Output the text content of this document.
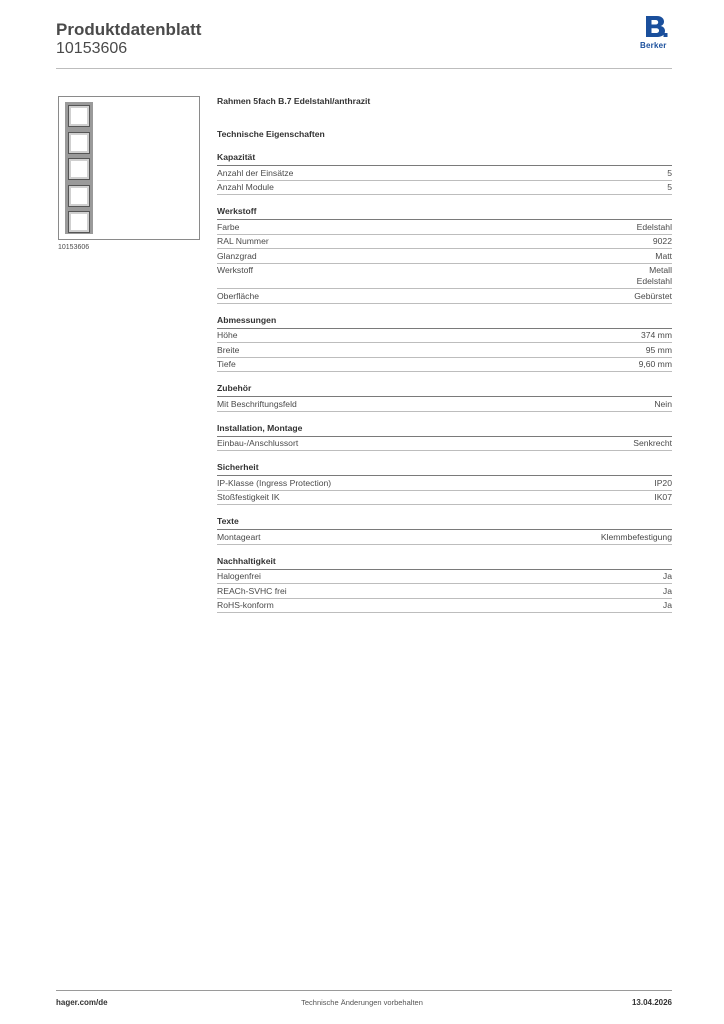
Produktdatenblatt
10153606	Berker
10153606
Rahmen 5fach B.7 Edelstahl/anthrazit
Technische Eigenschaften
Kapazität
Anzahl der Einsätze	5
Anzahl Module	5
Werkstoff
Farbe	Edelstahl
RAL Nummer	9022
Glanzgrad	Matt
Werkstoff	Metall
Edelstahl
Oberfläche	Gebürstet
Abmessungen
Höhe	374 mm
Breite	95 mm
Tiefe	9,60 mm
Zubehör
Mit Beschriftungsfeld	Nein
Installation, Montage
Einbau-/Anschlussort	Senkrecht
Sicherheit
IP-Klasse (Ingress Protection)	IP20
Stoßfestigkeit IK	IK07
Texte
Montageart	Klemmbefestigung
Nachhaltigkeit
Halogenfrei	Ja
REACh-SVHC frei	Ja
RoHS-konform	Ja
hager.com/de	Technische Änderungen vorbehalten	13.04.2026
